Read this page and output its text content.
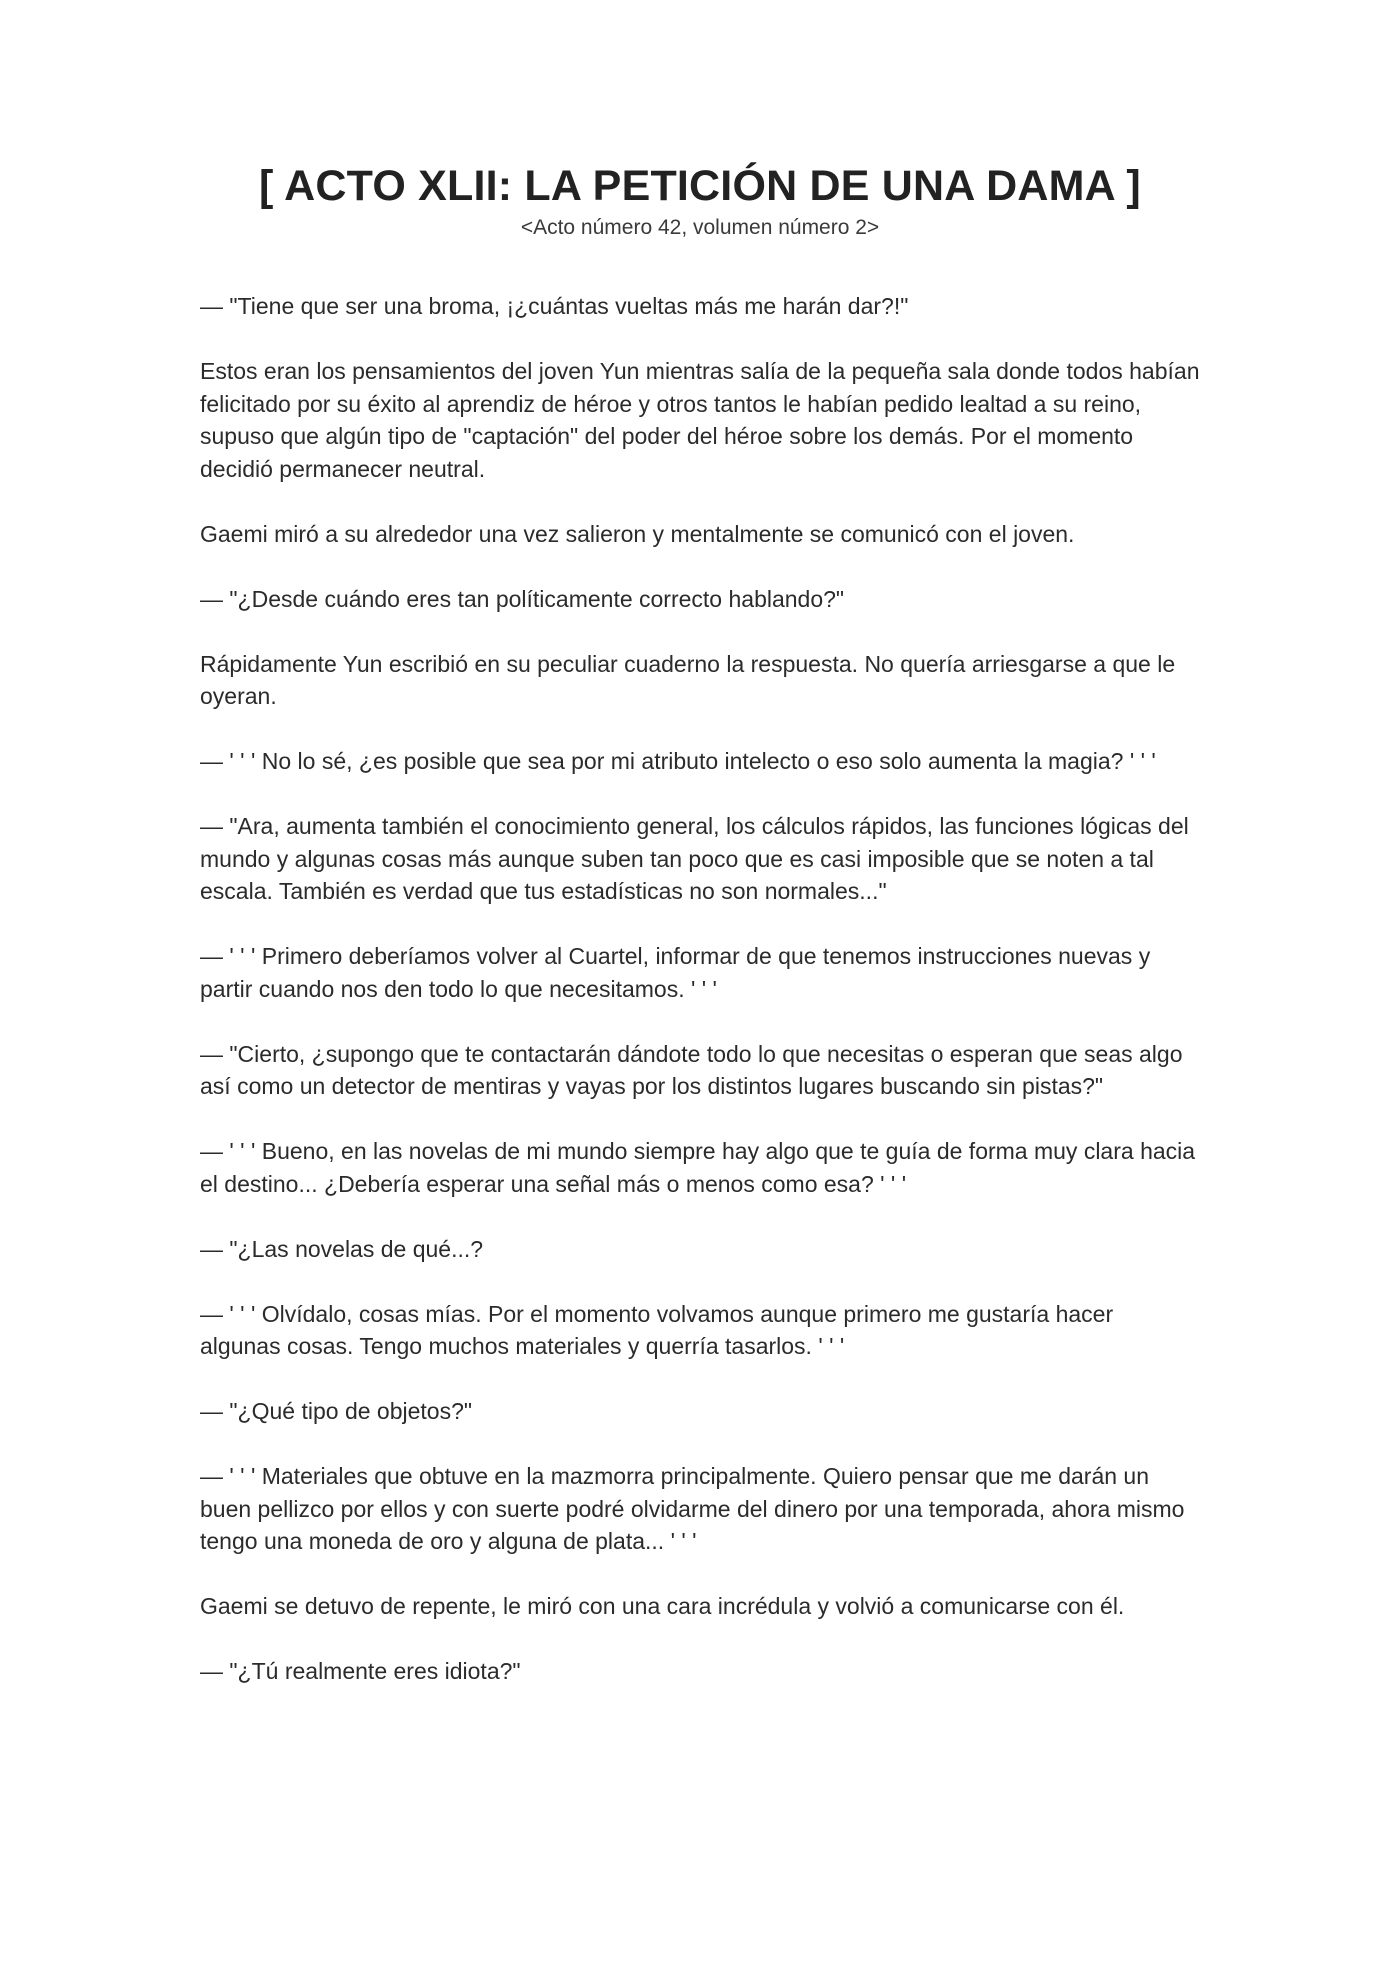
[ ACTO XLII: LA PETICIÓN DE UNA DAMA ]
<Acto número 42, volumen número 2>

— "Tiene que ser una broma, ¡¿cuántas vueltas más me harán dar?!"

Estos eran los pensamientos del joven Yun mientras salía de la pequeña sala donde todos habían felicitado por su éxito al aprendiz de héroe y otros tantos le habían pedido lealtad a su reino, supuso que algún tipo de "captación" del poder del héroe sobre los demás. Por el momento decidió permanecer neutral.

Gaemi miró a su alrededor una vez salieron y mentalmente se comunicó con el joven.

— "¿Desde cuándo eres tan políticamente correcto hablando?"

Rápidamente Yun escribió en su peculiar cuaderno la respuesta. No quería arriesgarse a que le oyeran.

— ' ' ' No lo sé, ¿es posible que sea por mi atributo intelecto o eso solo aumenta la magia? ' ' '

— "Ara, aumenta también el conocimiento general, los cálculos rápidos, las funciones lógicas del mundo y algunas cosas más aunque suben tan poco que es casi imposible que se noten a tal escala. También es verdad que tus estadísticas no son normales..."

— ' ' ' Primero deberíamos volver al Cuartel, informar de que tenemos instrucciones nuevas y partir cuando nos den todo lo que necesitamos. ' ' '

— "Cierto, ¿supongo que te contactarán dándote todo lo que necesitas o esperan que seas algo así como un detector de mentiras y vayas por los distintos lugares buscando sin pistas?"

— ' ' ' Bueno, en las novelas de mi mundo siempre hay algo que te guía de forma muy clara hacia el destino... ¿Debería esperar una señal más o menos como esa? ' ' '

— "¿Las novelas de qué...?

— ' ' ' Olvídalo, cosas mías. Por el momento volvamos aunque primero me gustaría hacer algunas cosas. Tengo muchos materiales y querría tasarlos. ' ' '

— "¿Qué tipo de objetos?"

— ' ' ' Materiales que obtuve en la mazmorra principalmente. Quiero pensar que me darán un buen pellizco por ellos y con suerte podré olvidarme del dinero por una temporada, ahora mismo tengo una moneda de oro y alguna de plata... ' ' '

Gaemi se detuvo de repente, le miró con una cara incrédula y volvió a comunicarse con él.

— "¿Tú realmente eres idiota?"
